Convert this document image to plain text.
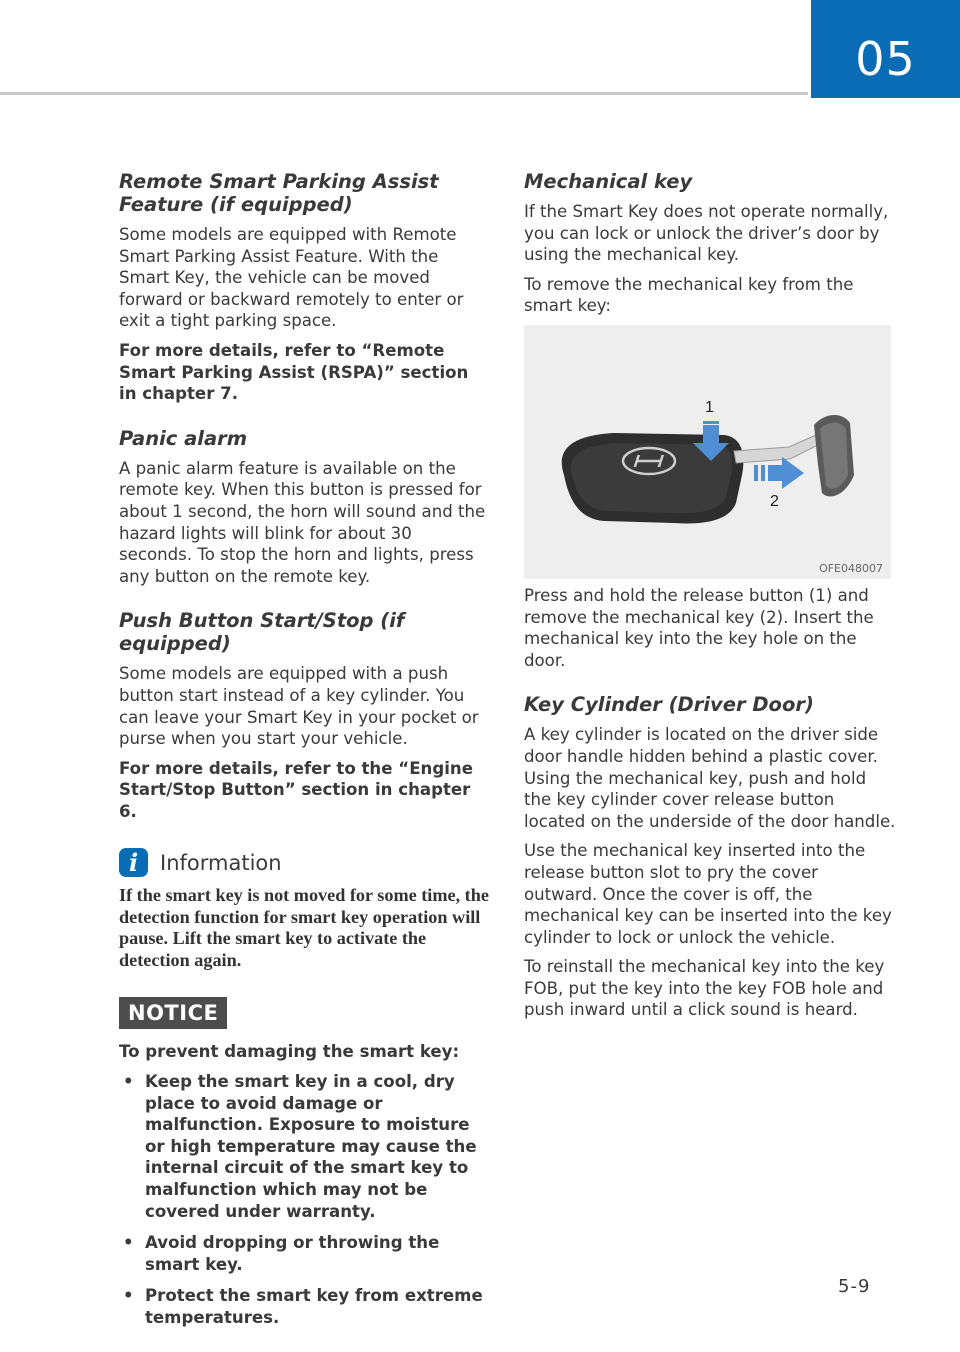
05
Remote Smart Parking Assist Feature (if equipped)

Some models are equipped with Remote Smart Parking Assist Feature. With the Smart Key, the vehicle can be moved forward or backward remotely to enter or exit a tight parking space.

For more details, refer to “Remote Smart Parking Assist (RSPA)” section in chapter 7.

Panic alarm

A panic alarm feature is available on the remote key. When this button is pressed for about 1 second, the horn will sound and the hazard lights will blink for about 30 seconds. To stop the horn and lights, press any button on the remote key.

Push Button Start/Stop (if equipped)

Some models are equipped with a push button start instead of a key cylinder. You can leave your Smart Key in your pocket or purse when you start your vehicle.

For more details, refer to the “Engine Start/Stop Button” section in chapter 6.

i	Information

If the smart key is not moved for some time, the detection function for smart key operation will pause. Lift the smart key to activate the detection again.

NOTICE

To prevent damaging the smart key:

• Keep the smart key in a cool, dry place to avoid damage or malfunction. Exposure to moisture or high temperature may cause the internal circuit of the smart key to malfunction which may not be covered under warranty.
• Avoid dropping or throwing the smart key.
• Protect the smart key from extreme temperatures.
Mechanical key

If the Smart Key does not operate normally, you can lock or unlock the driver’s door by using the mechanical key.

To remove the mechanical key from the smart key:

1
2
OFE048007

Press and hold the release button (1) and remove the mechanical key (2). Insert the mechanical key into the key hole on the door.

Key Cylinder (Driver Door)

A key cylinder is located on the driver side door handle hidden behind a plastic cover. Using the mechanical key, push and hold the key cylinder cover release button located on the underside of the door handle.

Use the mechanical key inserted into the release button slot to pry the cover outward. Once the cover is off, the mechanical key can be inserted into the key cylinder to lock or unlock the vehicle.

To reinstall the mechanical key into the key FOB, put the key into the key FOB hole and push inward until a click sound is heard.

5-9
